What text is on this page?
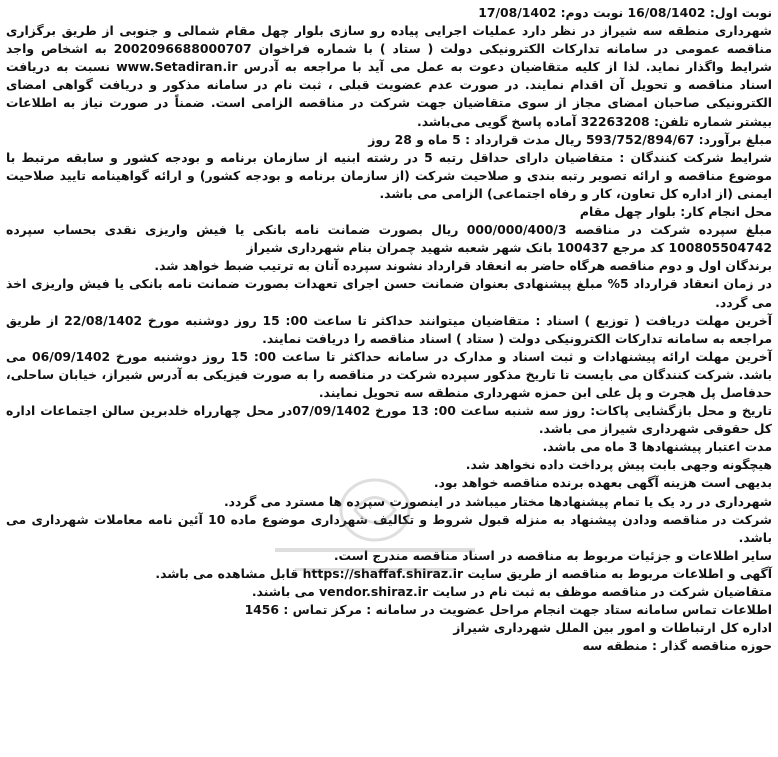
نوبت اول: 16/08/1402 نوبت دوم: 17/08/1402

شهرداری منطقه سه شیراز در نظر دارد عملیات اجرایی پیاده رو سازی بلوار چهل مقام شمالی و جنوبی از طریق برگزاری مناقصه عمومی در سامانه تدارکات الکترونیکی دولت ( ستاد ) با شماره فراخوان 2002096688000707 به اشخاص واجد شرایط واگذار نماید. لذا از کلیه متقاضیان دعوت به عمل می آید با مراجعه به آدرس www.Setadiran.ir نسبت به دریافت اسناد مناقصه و تحویل آن اقدام نمایند. در صورت عدم عضویت قبلی ، ثبت نام در سامانه مذکور و دریافت گواهی امضای الکترونیکی صاحبان امضای مجاز از سوی متقاضیان جهت شرکت در مناقصه الزامی است. ضمناً در صورت نیاز به اطلاعات بیشتر شماره تلفن: 32263208 آماده پاسخ گویی می‌باشد.

مبلغ برآورد: 593/752/894/67 ریال مدت قرارداد : 5 ماه و 28 روز

شرایط شرکت کنندگان : متقاضیان دارای حداقل رتبه 5 در رشته ابنیه از سازمان برنامه و بودجه کشور و سابقه مرتبط با موضوع مناقصه و ارائه تصویر رتبه بندی و صلاحیت شرکت (از سازمان برنامه و بودجه کشور) و ارائه گواهینامه تایید صلاحیت ایمنی (از اداره کل تعاون، کار و رفاه اجتماعی) الزامی می باشد.

محل انجام کار: بلوار چهل مقام

مبلغ سپرده شرکت در مناقصه 000/000/400/3 ریال بصورت ضمانت نامه بانکی یا فیش واریزی نقدی بحساب سپرده 100805504742 کد مرجع 100437 بانک شهر شعبه شهید چمران بنام شهرداری شیراز

برندگان اول و دوم مناقصه هرگاه حاضر به انعقاد قرارداد نشوند سپرده آنان به ترتیب ضبط خواهد شد.

در زمان انعقاد قرارداد 5% مبلغ پیشنهادی بعنوان ضمانت حسن اجرای تعهدات بصورت ضمانت نامه بانکی یا فیش واریزی اخذ می گردد.

آخرین مهلت دریافت ( توزیع ) اسناد : متقاضیان میتوانند حداکثر تا ساعت 00: 15 روز دوشنبه مورخ 22/08/1402 از طریق مراجعه به سامانه تدارکات الکترونیکی دولت ( ستاد ) اسناد مناقصه را دریافت نمایند.

آخرین مهلت ارائه پیشنهادات و ثبت اسناد و مدارک در سامانه حداکثر تا ساعت 00: 15 روز دوشنبه مورخ 06/09/1402 می باشد. شرکت کنندگان می بایست تا تاریخ مذکور سپرده شرکت در مناقصه را به صورت فیزیکی به آدرس شیراز، خیابان ساحلی، حدفاصل پل هجرت و پل علی ابن حمزه شهرداری منطقه سه تحویل نمایند.

تاریخ و محل بازگشایی پاکات: روز سه شنبه ساعت 00: 13 مورخ 07/09/1402در محل چهارراه خلدبرین سالن اجتماعات اداره کل حقوقی شهرداری شیراز می باشد.

مدت اعتبار پیشنهادها 3 ماه می باشد.

هیچگونه وجهی بابت پیش پرداخت داده نخواهد شد.

بدیهی است هزینه آگهی بعهده برنده مناقصه خواهد بود.

شهرداری در رد یک یا تمام پیشنهادها مختار میباشد در اینصورت سپرده ها مسترد می گردد.

شرکت در مناقصه ودادن پیشنهاد به منزله قبول شروط و تکالیف شهرداری موضوع ماده 10 آئین نامه معاملات شهرداری می باشد.

سایر اطلاعات و جزئیات مربوط به مناقصه در اسناد مناقصه مندرج است.

آگهی و اطلاعات مربوط به مناقصه از طریق سایت https://shaffaf.shiraz.ir قابل مشاهده می باشد.

متقاضیان شرکت در مناقصه موظف به ثبت نام در سایت vendor.shiraz.ir می باشند.

اطلاعات تماس سامانه ستاد جهت انجام مراحل عضویت در سامانه : مرکز تماس : 1456

اداره کل ارتباطات و امور بین الملل شهرداری شیراز

حوزه مناقصه گذار : منطقه سه
